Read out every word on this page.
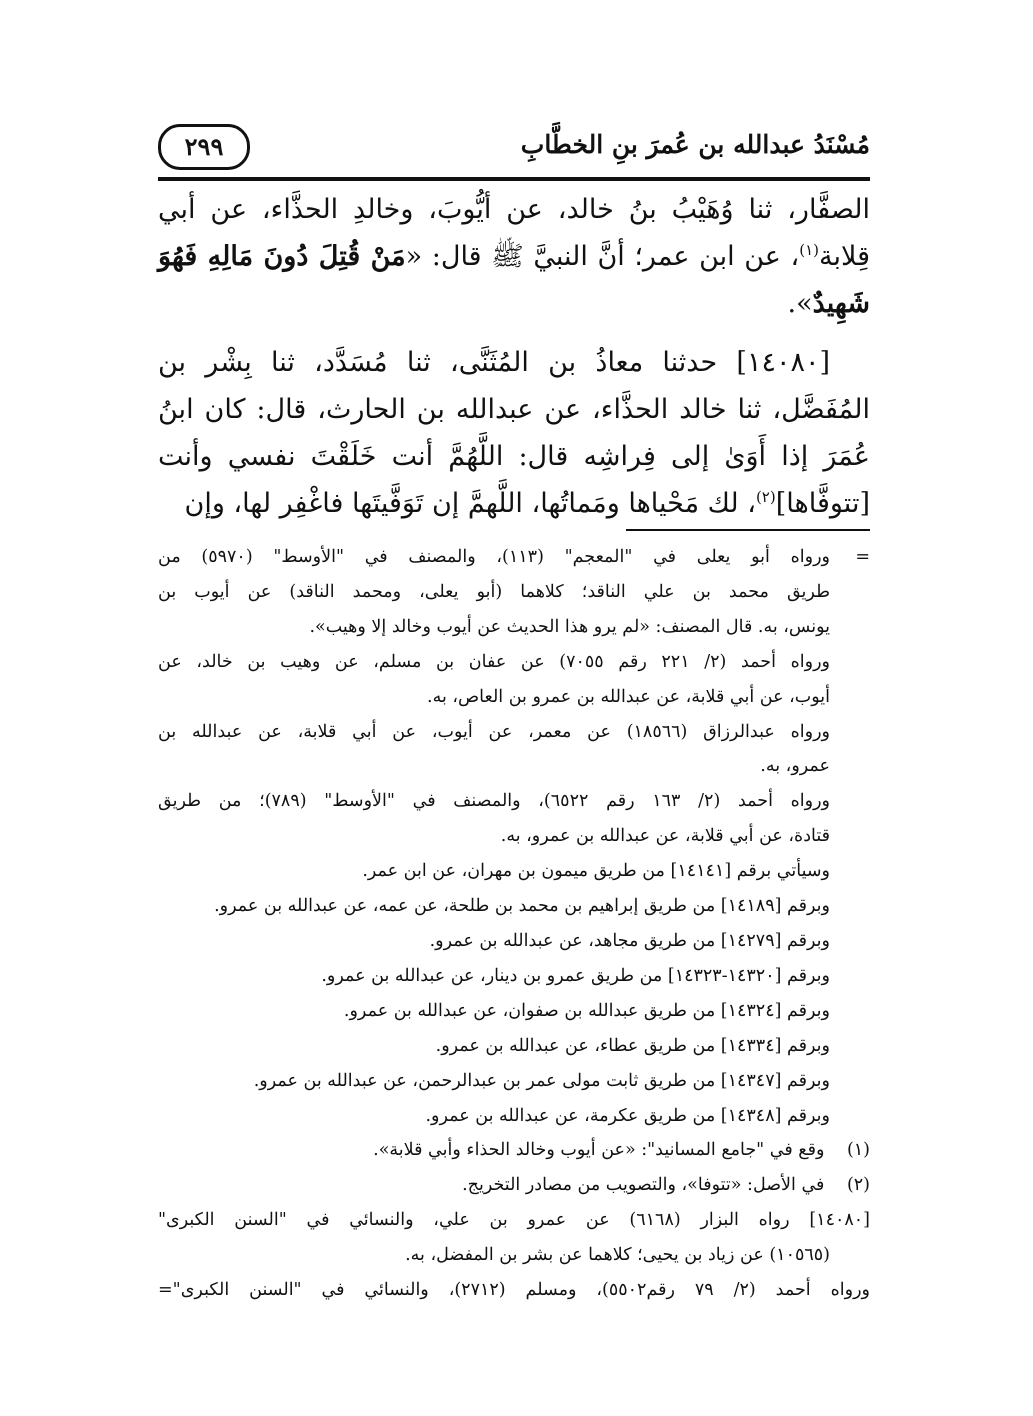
مُسْنَدُ عبدالله بن عُمرَ بنِ الخطَّابِ
٢٩٩

الصفَّار، ثنا وُهَيْبُ بنُ خالد، عن أيُّوبَ، وخالدِ الحذَّاء، عن أبي قِلابة$^{(١)}$، عن ابن عمر؛ أنَّ النبيَّ ﷺ قال: «مَنْ قُتِلَ دُونَ مَالِهِ فَهُوَ شَهِيدٌ».

[١٤٠٨٠] حدثنا معاذُ بن المُثَنَّى، ثنا مُسَدَّد، ثنا بِشْر بن المُفَضَّل، ثنا خالد الحذَّاء، عن عبدالله بن الحارث، قال: كان ابنُ عُمَرَ إذا أَوَىٰ إلى فِراشِه قال: اللَّهُمَّ أنت خَلَقْتَ نفسي وأنت [تتوفَّاها]$^{(٢)}$، لك مَحْياها ومَماتُها، اللَّهمَّ إن تَوَفَّيتَها فاغْفِر لها، وإن

=ورواه أبو يعلى في "المعجم" (١١٣)، والمصنف في "الأوسط" (٥٩٧٠) من
طريق محمد بن علي الناقد؛ كلاهما (أبو يعلى، ومحمد الناقد) عن أيوب بن
يونس، به. قال المصنف: «لم يرو هذا الحديث عن أيوب وخالد إلا وهيب».
ورواه أحمد (٢/ ٢٢١ رقم ٧٠٥٥) عن عفان بن مسلم، عن وهيب بن خالد، عن
أيوب، عن أبي قلابة، عن عبدالله بن عمرو بن العاص، به.
ورواه عبدالرزاق (١٨٥٦٦) عن معمر، عن أيوب، عن أبي قلابة، عن عبدالله بن
عمرو، به.
ورواه أحمد (٢/ ١٦٣ رقم ٦٥٢٢)، والمصنف في "الأوسط" (٧٨٩)؛ من طريق
قتادة، عن أبي قلابة، عن عبدالله بن عمرو، به.
وسيأتي برقم [١٤١٤١] من طريق ميمون بن مهران، عن ابن عمر.
وبرقم [١٤١٨٩] من طريق إبراهيم بن محمد بن طلحة، عن عمه، عن عبدالله بن عمرو.
وبرقم [١٤٢٧٩] من طريق مجاهد، عن عبدالله بن عمرو.
وبرقم [١٤٣٢٠-١٤٣٢٣] من طريق عمرو بن دينار، عن عبدالله بن عمرو.
وبرقم [١٤٣٢٤] من طريق عبدالله بن صفوان، عن عبدالله بن عمرو.
وبرقم [١٤٣٣٤] من طريق عطاء، عن عبدالله بن عمرو.
وبرقم [١٤٣٤٧] من طريق ثابت مولى عمر بن عبدالرحمن، عن عبدالله بن عمرو.
وبرقم [١٤٣٤٨] من طريق عكرمة، عن عبدالله بن عمرو.
(١) وقع في "جامع المسانيد": «عن أيوب وخالد الحذاء وأبي قلابة».
(٢) في الأصل: «تتوفا»، والتصويب من مصادر التخريج.
[١٤٠٨٠] رواه البزار (٦١٦٨) عن عمرو بن علي، والنسائي في "السنن الكبرى"
(١٠٥٦٥) عن زياد بن يحيى؛ كلاهما عن بشر بن المفضل، به.
ورواه أحمد (٢/ ٧٩ رقم٥٥٠٢)، ومسلم (٢٧١٢)، والنسائي في "السنن الكبرى"=
